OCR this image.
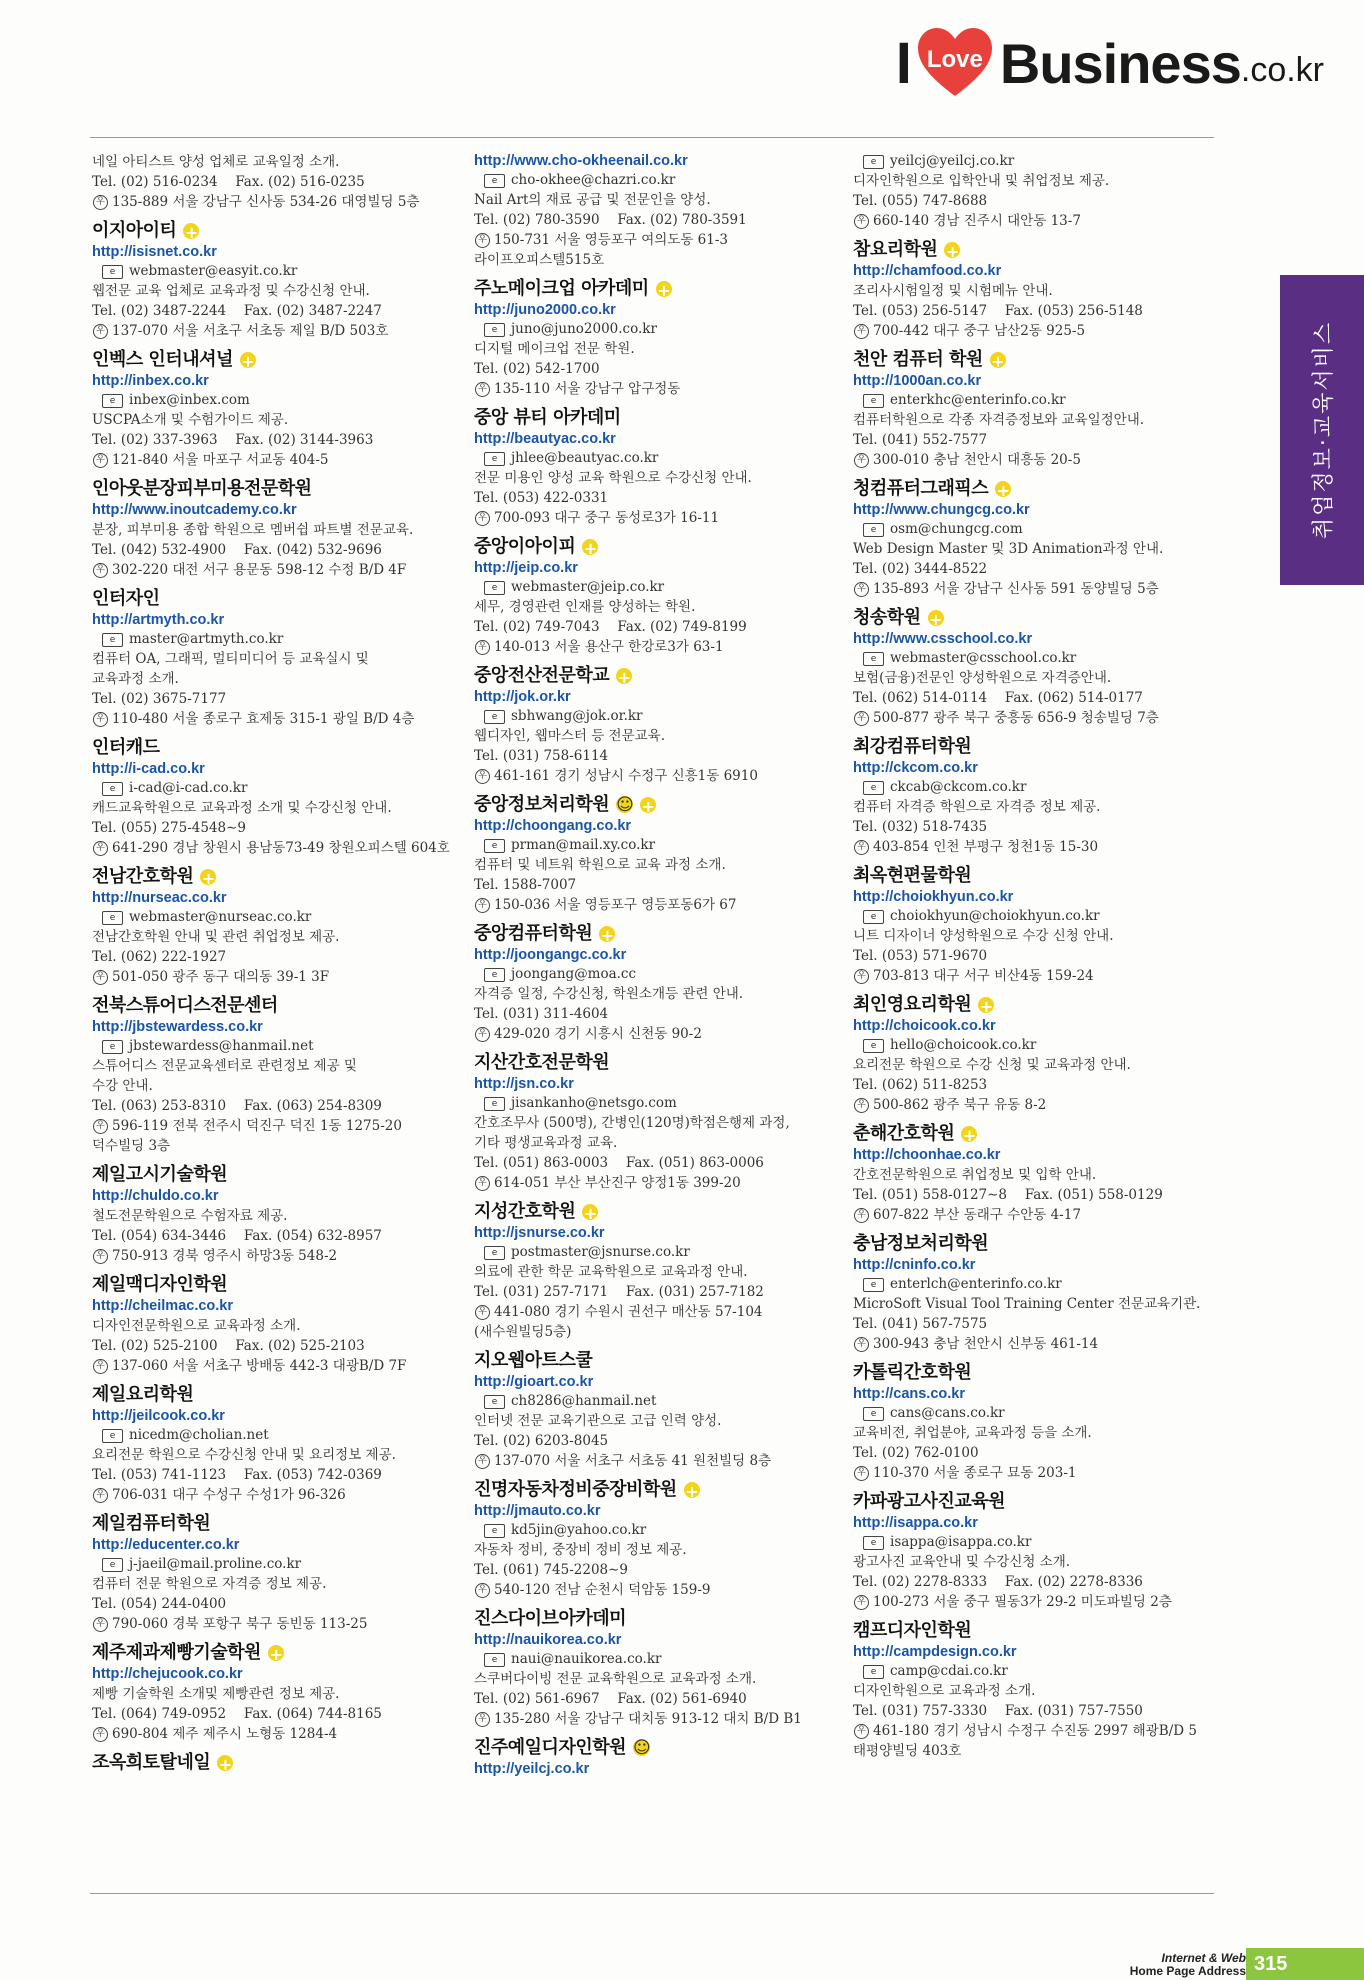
I Love Business .co.kr
취업정보·교육서비스
네일 아티스트 양성 업체로 교육일정 소개.
Tel. (02) 516-0234　 Fax. (02) 516-0235
우 135-889 서울 강남구 신사동 534-26 대영빌딩 5층
이지아이티
+
http://isisnet.co.kr
e	webmaster@easyit.co.kr
웹전문 교육 업체로 교육과정 및 수강신청 안내.
Tel. (02) 3487-2244　 Fax. (02) 3487-2247
우 137-070 서울 서초구 서초동 제일 B/D 503호
인벡스 인터내셔널
+
http://inbex.co.kr
e	inbex@inbex.com
USCPA소개 및 수험가이드 제공.
Tel. (02) 337-3963　 Fax. (02) 3144-3963
우 121-840 서울 마포구 서교동 404-5
인아웃분장피부미용전문학원
http://www.inoutcademy.co.kr
분장, 피부미용 종합 학원으로 멤버쉽 파트별 전문교육.
Tel. (042) 532-4900　 Fax. (042) 532-9696
우 302-220 대전 서구 용문동 598-12 수정 B/D 4F
인터자인
http://artmyth.co.kr
e	master@artmyth.co.kr
컴퓨터 OA, 그래픽, 멀티미디어 등 교육실시 및
교육과정 소개.
Tel. (02) 3675-7177
우 110-480 서울 종로구 효제동 315-1 광일 B/D 4층
인터캐드
http://i-cad.co.kr
e	i-cad@i-cad.co.kr
캐드교육학원으로 교육과정 소개 및 수강신청 안내.
Tel. (055) 275-4548∼9
우 641-290 경남 창원시 용남동73-49 창원오피스텔 604호
전남간호학원
+
http://nurseac.co.kr
e	webmaster@nurseac.co.kr
전남간호학원 안내 및 관련 취업정보 제공.
Tel. (062) 222-1927
우 501-050 광주 동구 대의동 39-1 3F
전북스튜어디스전문센터
http://jbstewardess.co.kr
e	jbstewardess@hanmail.net
스튜어디스 전문교육센터로 관련정보 제공 및
수강 안내.
Tel. (063) 253-8310　 Fax. (063) 254-8309
우 596-119 전북 전주시 덕진구 덕진 1동 1275-20
덕수빌딩 3층
제일고시기술학원
http://chuldo.co.kr
철도전문학원으로 수험자료 제공.
Tel. (054) 634-3446　 Fax. (054) 632-8957
우 750-913 경북 영주시 하망3동 548-2
제일맥디자인학원
http://cheilmac.co.kr
디자인전문학원으로 교육과정 소개.
Tel. (02) 525-2100　 Fax. (02) 525-2103
우 137-060 서울 서초구 방배동 442-3 대광B/D 7F
제일요리학원
http://jeilcook.co.kr
e	nicedm@cholian.net
요리전문 학원으로 수강신청 안내 및 요리정보 제공.
Tel. (053) 741-1123　 Fax. (053) 742-0369
우 706-031 대구 수성구 수성1가 96-326
제일컴퓨터학원
http://educenter.co.kr
e	j-jaeil@mail.proline.co.kr
컴퓨터 전문 학원으로 자격증 정보 제공.
Tel. (054) 244-0400
우 790-060 경북 포항구 북구 동빈동 113-25
제주제과제빵기술학원
+
http://chejucook.co.kr
제빵 기술학원 소개및 제빵관련 정보 제공.
Tel. (064) 749-0952　 Fax. (064) 744-8165
우 690-804 제주 제주시 노형동 1284-4
조옥희토탈네일
+
http://www.cho-okheenail.co.kr
e	cho-okhee@chazri.co.kr
Nail Art의 재료 공급 및 전문인을 양성.
Tel. (02) 780-3590　 Fax. (02) 780-3591
우 150-731 서울 영등포구 여의도동 61-3
라이프오피스텔515호
주노메이크업 아카데미
+
http://juno2000.co.kr
e	juno@juno2000.co.kr
디지털 메이크업 전문 학원.
Tel. (02) 542-1700
우 135-110 서울 강남구 압구정동
중앙 뷰티 아카데미
http://beautyac.co.kr
e	jhlee@beautyac.co.kr
전문 미용인 양성 교육 학원으로 수강신청 안내.
Tel. (053) 422-0331
우 700-093 대구 중구 동성로3가 16-11
중앙이아이피
+
http://jeip.co.kr
e	webmaster@jeip.co.kr
세무, 경영관련 인재를 양성하는 학원.
Tel. (02) 749-7043　 Fax. (02) 749-8199
우 140-013 서울 용산구 한강로3가 63-1
중앙전산전문학교
+
http://jok.or.kr
e	sbhwang@jok.or.kr
웹디자인, 웹마스터 등 전문교육.
Tel. (031) 758-6114
우 461-161 경기 성남시 수정구 신흥1동 6910
중앙정보처리학원
☺
+
http://choongang.co.kr
e	prman@mail.xy.co.kr
컴퓨터 및 네트워 학원으로 교육 과정 소개.
Tel. 1588-7007
우 150-036 서울 영등포구 영등포동6가 67
중앙컴퓨터학원
+
http://joongangc.co.kr
e	joongang@moa.cc
자격증 일정, 수강신청, 학원소개등 관련 안내.
Tel. (031) 311-4604
우 429-020 경기 시흥시 신천동 90-2
지산간호전문학원
http://jsn.co.kr
e	jisankanho@netsgo.com
간호조무사 (500명), 간병인(120명)학점은행제 과정,
기타 평생교육과정 교육.
Tel. (051) 863-0003　 Fax. (051) 863-0006
우 614-051 부산 부산진구 양정1동 399-20
지성간호학원
+
http://jsnurse.co.kr
e	postmaster@jsnurse.co.kr
의료에 관한 학문 교육학원으로 교육과정 안내.
Tel. (031) 257-7171　 Fax. (031) 257-7182
우 441-080 경기 수원시 권선구 매산동 57-104
(새수원빌딩5층)
지오웹아트스쿨
http://gioart.co.kr
e	ch8286@hanmail.net
인터넷 전문 교육기관으로 고급 인력 양성.
Tel. (02) 6203-8045
우 137-070 서울 서초구 서초동 41 원천빌딩 8층
진명자동차정비중장비학원
+
http://jmauto.co.kr
e	kd5jin@yahoo.co.kr
자동차 정비, 중장비 정비 정보 제공.
Tel. (061) 745-2208∼9
우 540-120 전남 순천시 덕암동 159-9
진스다이브아카데미
http://nauikorea.co.kr
e	naui@nauikorea.co.kr
스쿠버다이빙 전문 교육학원으로 교육과정 소개.
Tel. (02) 561-6967　 Fax. (02) 561-6940
우 135-280 서울 강남구 대치동 913-12 대치 B/D B1
진주예일디자인학원
☺
http://yeilcj.co.kr
e	yeilcj@yeilcj.co.kr
디자인학원으로 입학안내 및 취업정보 제공.
Tel. (055) 747-8688
우 660-140 경남 진주시 대안동 13-7
참요리학원
+
http://chamfood.co.kr
조리사시험일정 및 시험메뉴 안내.
Tel. (053) 256-5147　 Fax. (053) 256-5148
우 700-442 대구 중구 남산2동 925-5
천안 컴퓨터 학원
+
http://1000an.co.kr
e	enterkhc@enterinfo.co.kr
컴퓨터학원으로 각종 자격증정보와 교육일정안내.
Tel. (041) 552-7577
우 300-010 충남 천안시 대흥동 20-5
청컴퓨터그래픽스
+
http://www.chungcg.co.kr
e	osm@chungcg.com
Web Design Master 및 3D Animation과정 안내.
Tel. (02) 3444-8522
우 135-893 서울 강남구 신사동 591 동양빌딩 5층
청송학원
+
http://www.csschool.co.kr
e	webmaster@csschool.co.kr
보험(금융)전문인 양성학원으로 자격증안내.
Tel. (062) 514-0114　 Fax. (062) 514-0177
우 500-877 광주 북구 중흥동 656-9 청송빌딩 7층
최강컴퓨터학원
http://ckcom.co.kr
e	ckcab@ckcom.co.kr
컴퓨터 자격증 학원으로 자격증 정보 제공.
Tel. (032) 518-7435
우 403-854 인천 부평구 청천1동 15-30
최옥현편물학원
http://choiokhyun.co.kr
e	choiokhyun@choiokhyun.co.kr
니트 디자이너 양성학원으로 수강 신청 안내.
Tel. (053) 571-9670
우 703-813 대구 서구 비산4동 159-24
최인영요리학원
+
http://choicook.co.kr
e	hello@choicook.co.kr
요리전문 학원으로 수강 신청 및 교육과정 안내.
Tel. (062) 511-8253
우 500-862 광주 북구 유동 8-2
춘해간호학원
+
http://choonhae.co.kr
간호전문학원으로 취업정보 및 입학 안내.
Tel. (051) 558-0127∼8　 Fax. (051) 558-0129
우 607-822 부산 동래구 수안동 4-17
충남정보처리학원
http://cninfo.co.kr
e	enterlch@enterinfo.co.kr
MicroSoft Visual Tool Training Center 전문교육기관.
Tel. (041) 567-7575
우 300-943 충남 천안시 신부동 461-14
카톨릭간호학원
http://cans.co.kr
e	cans@cans.co.kr
교육비전, 취업분야, 교육과정 등을 소개.
Tel. (02) 762-0100
우 110-370 서울 종로구 묘동 203-1
카파광고사진교육원
http://isappa.co.kr
e	isappa@isappa.co.kr
광고사진 교육안내 및 수강신청 소개.
Tel. (02) 2278-8333　 Fax. (02) 2278-8336
우 100-273 서울 중구 필동3가 29-2 미도파빌딩 2층
캠프디자인학원
http://campdesign.co.kr
e	camp@cdai.co.kr
디자인학원으로 교육과정 소개.
Tel. (031) 757-3330　 Fax. (031) 757-7550
우 461-180 경기 성남시 수정구 수진동 2997 해광B/D 5
태평양빌딩 403호
Internet & Web
Home Page Address 315
